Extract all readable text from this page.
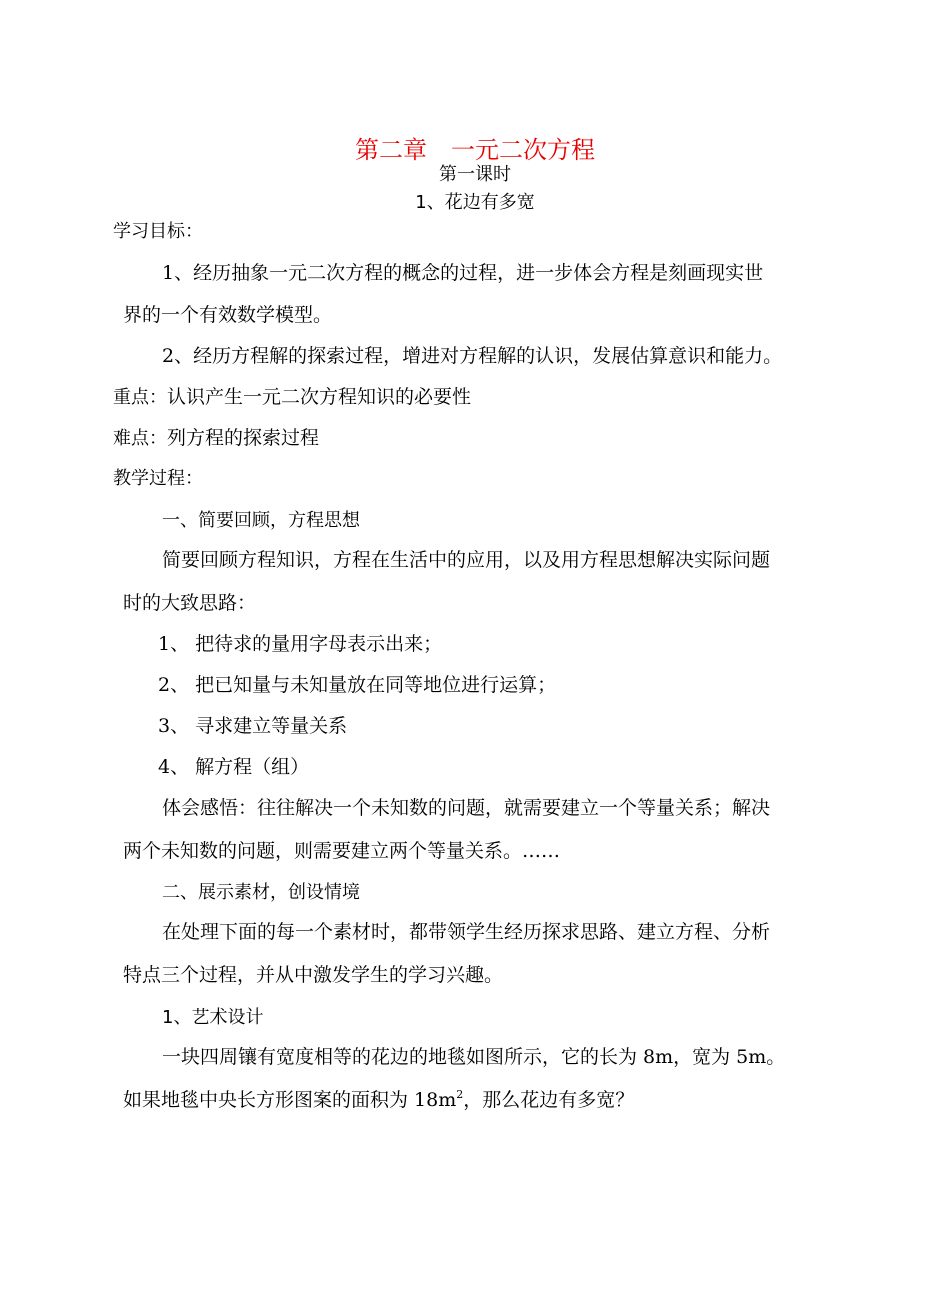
第二章　一元二次方程
第一课时
1、花边有多宽
学习目标：
1、经历抽象一元二次方程的概念的过程，进一步体会方程是刻画现实世
界的一个有效数学模型。
2、经历方程解的探索过程，增进对方程解的认识，发展估算意识和能力。
重点：认识产生一元二次方程知识的必要性
难点：列方程的探索过程
教学过程：
一、简要回顾，方程思想
简要回顾方程知识，方程在生活中的应用，以及用方程思想解决实际问题
时的大致思路：
1、 把待求的量用字母表示出来；
2、 把已知量与未知量放在同等地位进行运算；
3、 寻求建立等量关系
4、 解方程（组）
体会感悟：往往解决一个未知数的问题，就需要建立一个等量关系；解决
两个未知数的问题，则需要建立两个等量关系。……
二、展示素材，创设情境
在处理下面的每一个素材时，都带领学生经历探求思路、建立方程、分析
特点三个过程，并从中激发学生的学习兴趣。
1、艺术设计
一块四周镶有宽度相等的花边的地毯如图所示，它的长为 8m，宽为 5m。
如果地毯中央长方形图案的面积为 $18m^2$，那么花边有多宽？
